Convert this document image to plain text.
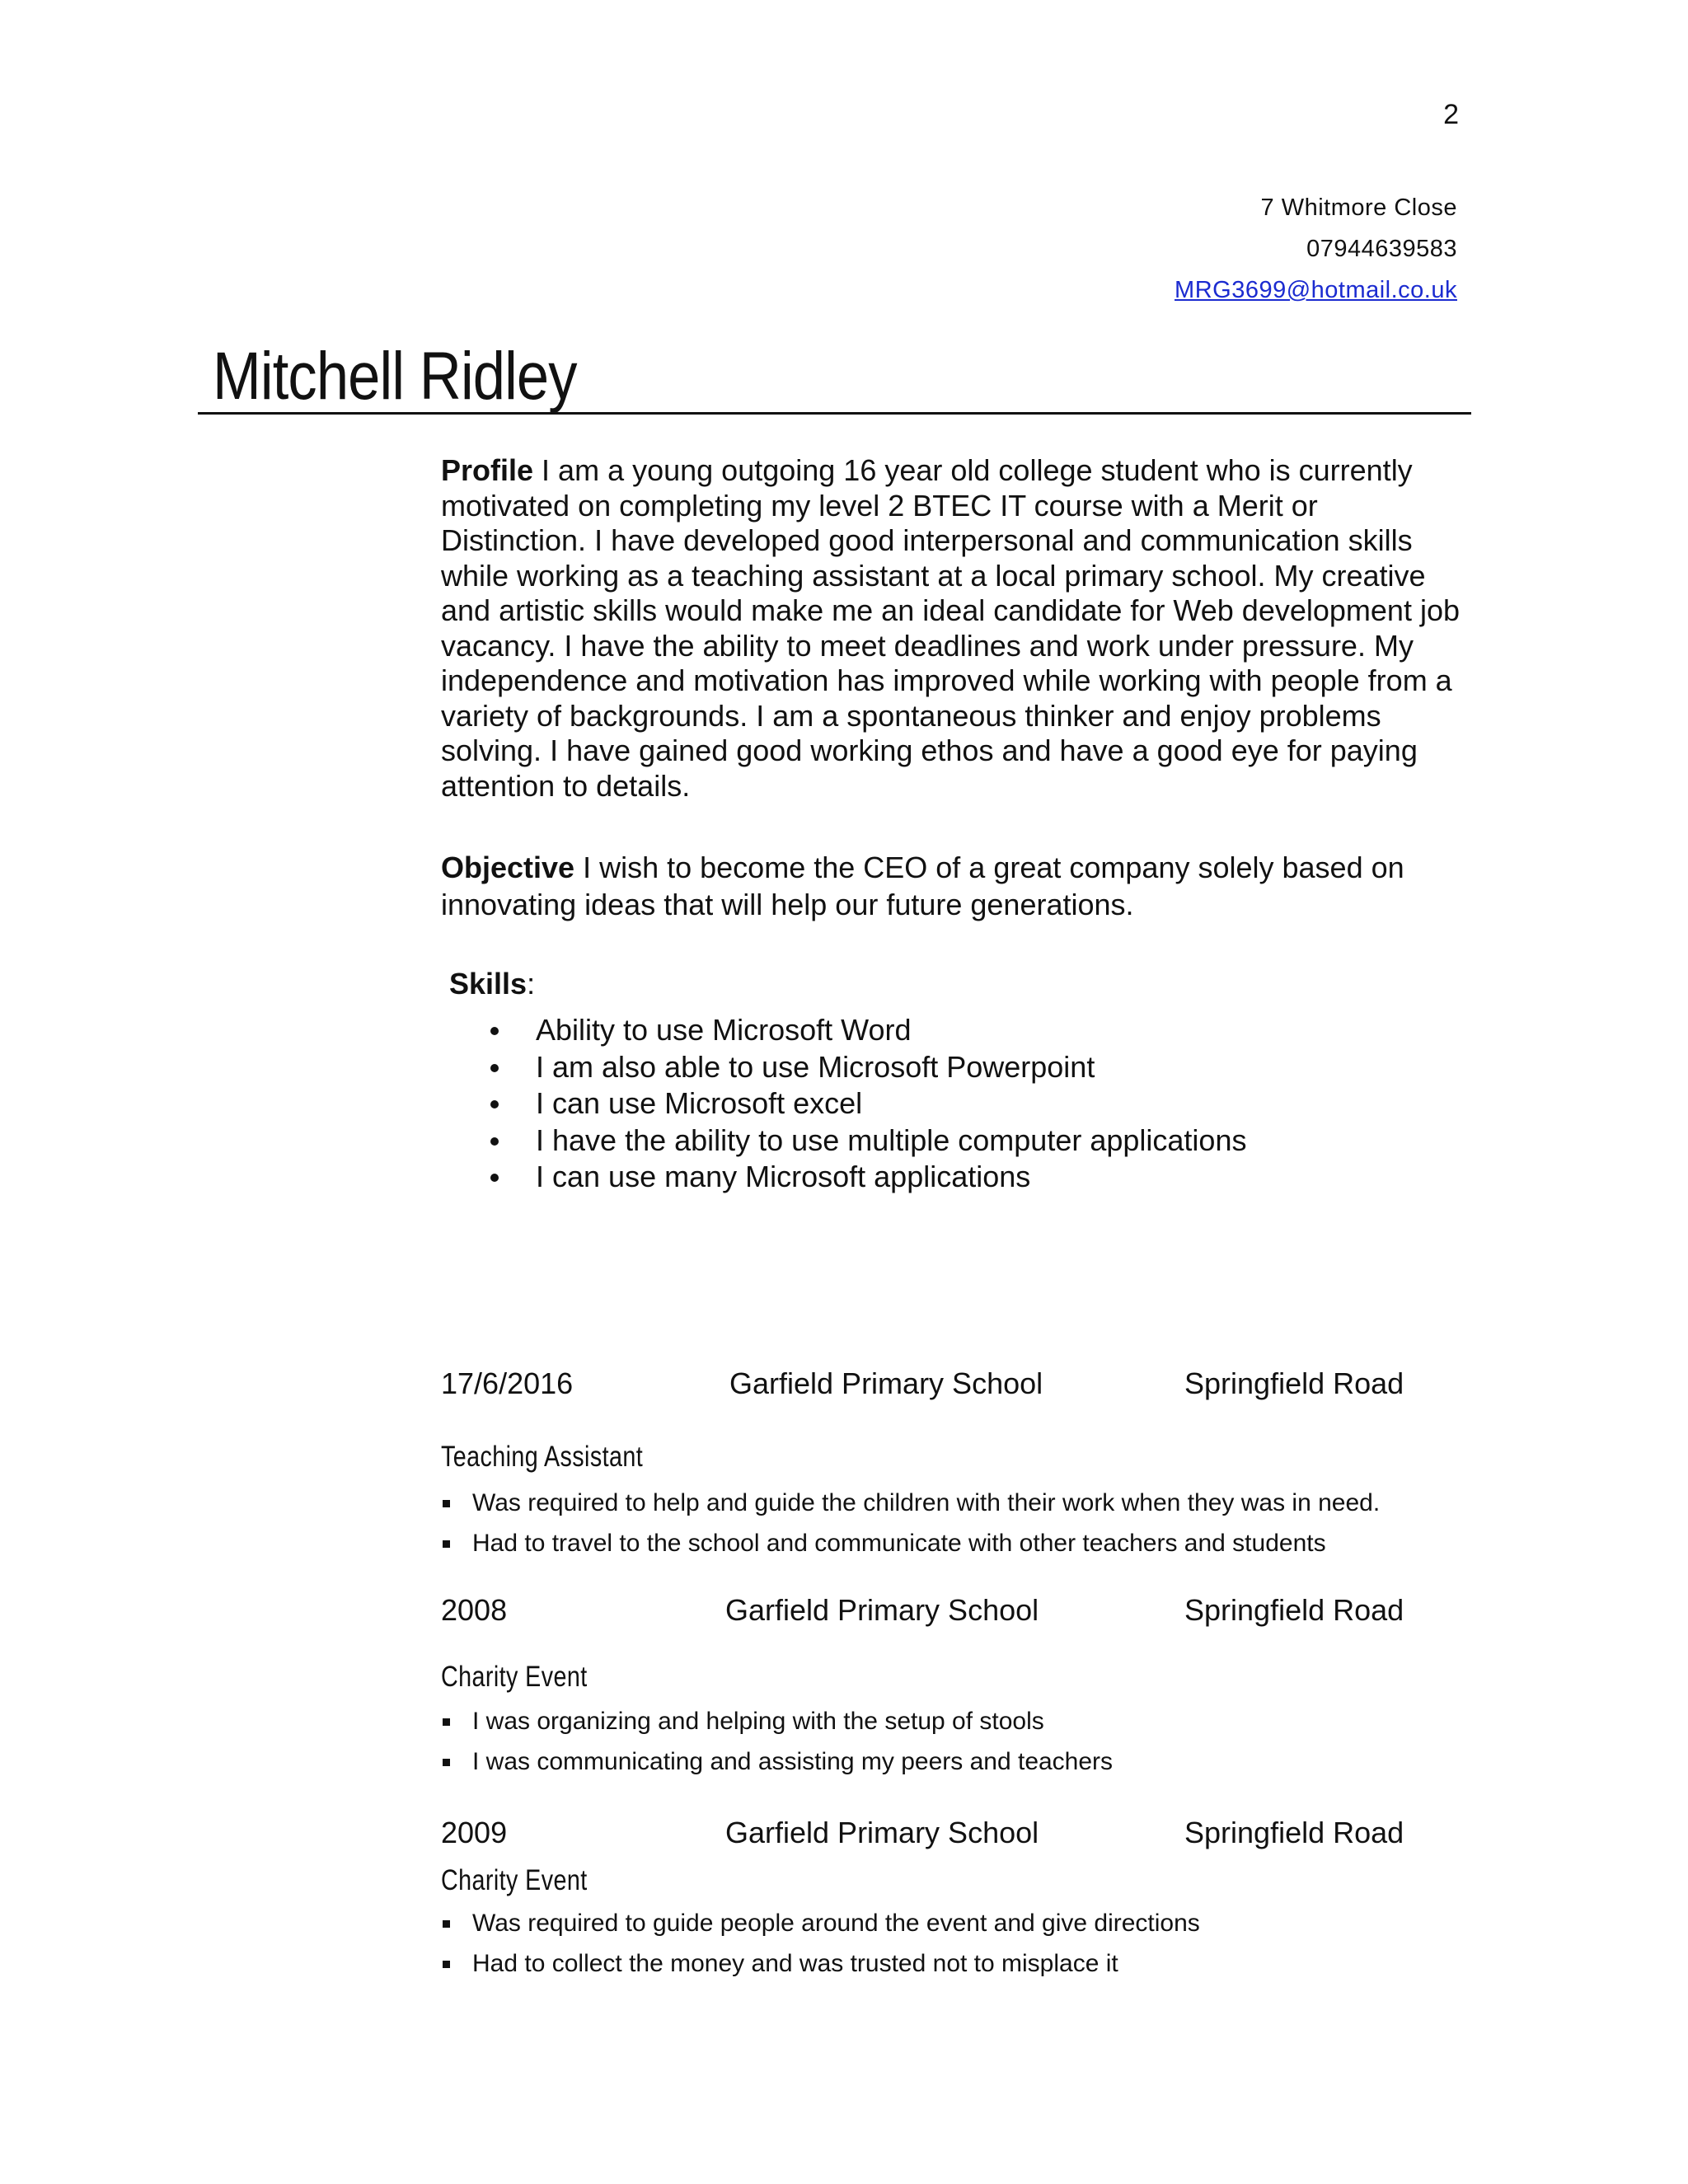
2
7 Whitmore Close
07944639583
MRG3699@hotmail.co.uk
Mitchell Ridley
Profile I am a young outgoing 16 year old college student who is currently motivated on completing my level 2 BTEC IT course with a Merit or Distinction. I have developed good interpersonal and communication skills while working as a teaching assistant at a local primary school. My creative and artistic skills would make me an ideal candidate for Web development job vacancy. I have the ability to meet deadlines and work under pressure. My independence and motivation has improved while working with people from a variety of backgrounds. I am a spontaneous thinker and enjoy problems solving. I have gained good working ethos and have a good eye for paying attention to details.
Objective I wish to become the CEO of a great company solely based on innovating ideas that will help our future generations.
Skills:
Ability to use Microsoft Word
I am also able to use Microsoft Powerpoint
I can use Microsoft excel
I have the ability to use multiple computer applications
I can use many Microsoft applications
17/6/2016	Garfield Primary School	Springfield Road
Teaching Assistant
Was required to help and guide the children with their work when they was in need.
Had to travel to the school and communicate with other teachers and students
2008	Garfield Primary School	Springfield Road
Charity Event
I was organizing and helping with the setup of stools
I was communicating and assisting my peers and teachers
2009	Garfield Primary School	Springfield Road
Charity Event
Was required to guide people around the event and give directions
Had to collect the money and was trusted not to misplace it
